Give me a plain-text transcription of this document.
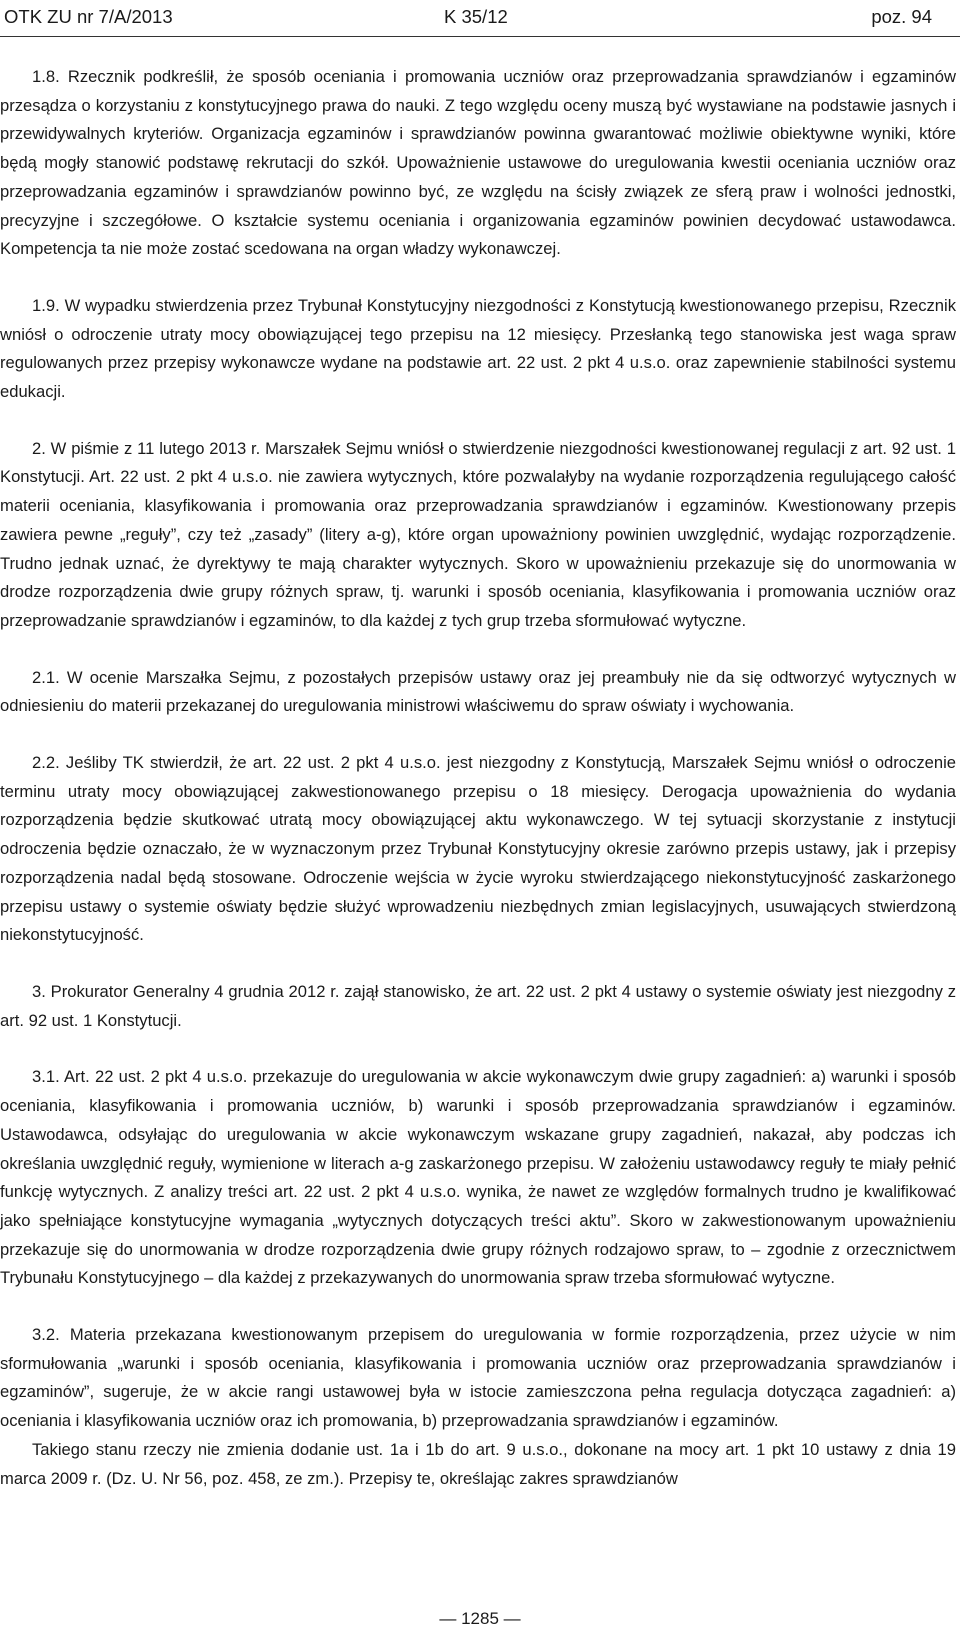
OTK ZU nr 7/A/2013	K 35/12	poz. 94

1.8. Rzecznik podkreślił, że sposób oceniania i promowania uczniów oraz przeprowadzania sprawdzianów i egzaminów przesądza o korzystaniu z konstytucyjnego prawa do nauki. Z tego względu oceny muszą być wystawiane na podstawie jasnych i przewidywalnych kryteriów. Organizacja egzaminów i sprawdzianów powinna gwarantować możliwie obiektywne wyniki, które będą mogły stanowić podstawę rekrutacji do szkół. Upoważnienie ustawowe do uregulowania kwestii oceniania uczniów oraz przeprowadzania egzaminów i sprawdzianów powinno być, ze względu na ścisły związek ze sferą praw i wolności jednostki, precyzyjne i szczegółowe. O kształcie systemu oceniania i organizowania egzaminów powinien decydować ustawodawca. Kompetencja ta nie może zostać scedowana na organ władzy wykonawczej.

1.9. W wypadku stwierdzenia przez Trybunał Konstytucyjny niezgodności z Konstytucją kwestionowanego przepisu, Rzecznik wniósł o odroczenie utraty mocy obowiązującej tego przepisu na 12 miesięcy. Przesłanką tego stanowiska jest waga spraw regulowanych przez przepisy wykonawcze wydane na podstawie art. 22 ust. 2 pkt 4 u.s.o. oraz zapewnienie stabilności systemu edukacji.

2. W piśmie z 11 lutego 2013 r. Marszałek Sejmu wniósł o stwierdzenie niezgodności kwestionowanej regulacji z art. 92 ust. 1 Konstytucji. Art. 22 ust. 2 pkt 4 u.s.o. nie zawiera wytycznych, które pozwalałyby na wydanie rozporządzenia regulującego całość materii oceniania, klasyfikowania i promowania oraz przeprowadzania sprawdzianów i egzaminów. Kwestionowany przepis zawiera pewne „reguły”, czy też „zasady” (litery a-g), które organ upoważniony powinien uwzględnić, wydając rozporządzenie. Trudno jednak uznać, że dyrektywy te mają charakter wytycznych. Skoro w upoważnieniu przekazuje się do unormowania w drodze rozporządzenia dwie grupy różnych spraw, tj. warunki i sposób oceniania, klasyfikowania i promowania uczniów oraz przeprowadzanie sprawdzianów i egzaminów, to dla każdej z tych grup trzeba sformułować wytyczne.

2.1. W ocenie Marszałka Sejmu, z pozostałych przepisów ustawy oraz jej preambuły nie da się odtworzyć wytycznych w odniesieniu do materii przekazanej do uregulowania ministrowi właściwemu do spraw oświaty i wychowania.

2.2. Jeśliby TK stwierdził, że art. 22 ust. 2 pkt 4 u.s.o. jest niezgodny z Konstytucją, Marszałek Sejmu wniósł o odroczenie terminu utraty mocy obowiązującej zakwestionowanego przepisu o 18 miesięcy. Derogacja upoważnienia do wydania rozporządzenia będzie skutkować utratą mocy obowiązującej aktu wykonawczego. W tej sytuacji skorzystanie z instytucji odroczenia będzie oznaczało, że w wyznaczonym przez Trybunał Konstytucyjny okresie zarówno przepis ustawy, jak i przepisy rozporządzenia nadal będą stosowane. Odroczenie wejścia w życie wyroku stwierdzającego niekonstytucyjność zaskarżonego przepisu ustawy o systemie oświaty będzie służyć wprowadzeniu niezbędnych zmian legislacyjnych, usuwających stwierdzoną niekonstytucyjność.

3. Prokurator Generalny 4 grudnia 2012 r. zajął stanowisko, że art. 22 ust. 2 pkt 4 ustawy o systemie oświaty jest niezgodny z art. 92 ust. 1 Konstytucji.

3.1. Art. 22 ust. 2 pkt 4 u.s.o. przekazuje do uregulowania w akcie wykonawczym dwie grupy zagadnień: a) warunki i sposób oceniania, klasyfikowania i promowania uczniów, b) warunki i sposób przeprowadzania sprawdzianów i egzaminów. Ustawodawca, odsyłając do uregulowania w akcie wykonawczym wskazane grupy zagadnień, nakazał, aby podczas ich określania uwzględnić reguły, wymienione w literach a-g zaskarżonego przepisu. W założeniu ustawodawcy reguły te miały pełnić funkcję wytycznych. Z analizy treści art. 22 ust. 2 pkt 4 u.s.o. wynika, że nawet ze względów formalnych trudno je kwalifikować jako spełniające konstytucyjne wymagania „wytycznych dotyczących treści aktu”. Skoro w zakwestionowanym upoważnieniu przekazuje się do unormowania w drodze rozporządzenia dwie grupy różnych rodzajowo spraw, to – zgodnie z orzecznictwem Trybunału Konstytucyjnego – dla każdej z przekazywanych do unormowania spraw trzeba sformułować wytyczne.

3.2. Materia przekazana kwestionowanym przepisem do uregulowania w formie rozporządzenia, przez użycie w nim sformułowania „warunki i sposób oceniania, klasyfikowania i promowania uczniów oraz przeprowadzania sprawdzianów i egzaminów”, sugeruje, że w akcie rangi ustawowej była w istocie zamieszczona pełna regulacja dotycząca zagadnień: a) oceniania i klasyfikowania uczniów oraz ich promowania, b) przeprowadzania sprawdzianów i egzaminów.

Takiego stanu rzeczy nie zmienia dodanie ust. 1a i 1b do art. 9 u.s.o., dokonane na mocy art. 1 pkt 10 ustawy z dnia 19 marca 2009 r. (Dz. U. Nr 56, poz. 458, ze zm.). Przepisy te, określając zakres sprawdzianów

— 1285 —
